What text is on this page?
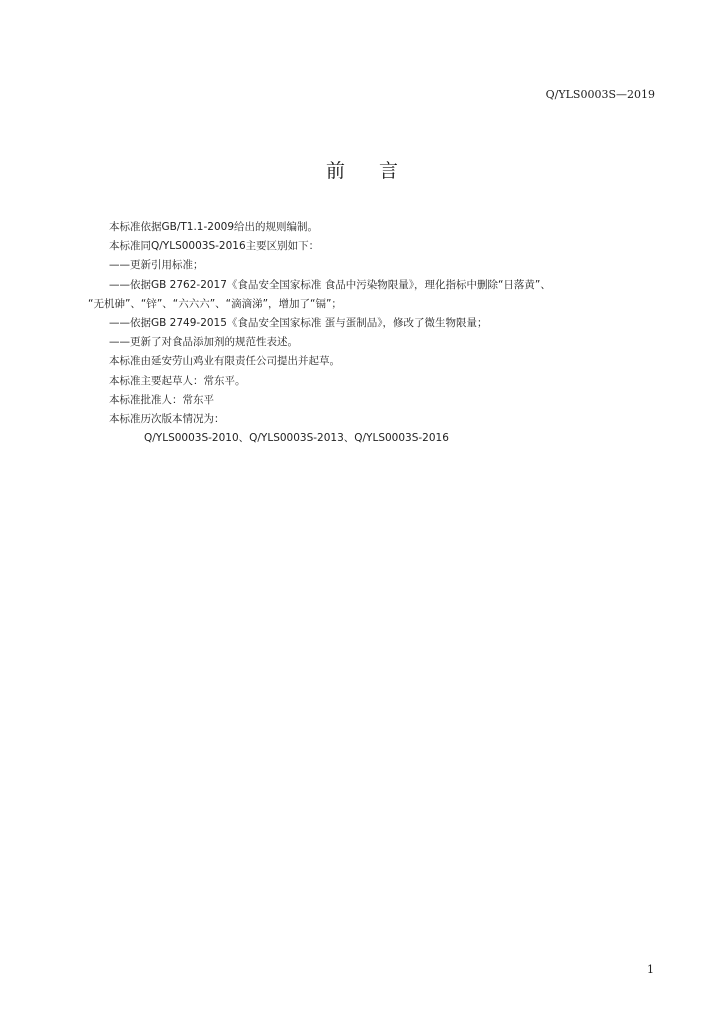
Q/YLS0003S—2019
前言

本标准依据GB/T1.1-2009给出的规则编制。

本标准同Q/YLS0003S-2016主要区别如下：

——更新引用标准；

——依据GB 2762-2017《食品安全国家标准 食品中污染物限量》，理化指标中删除“日落黄”、

“无机砷”、“锌”、“六六六”、“滴滴涕”，增加了“镉”；

——依据GB 2749-2015《食品安全国家标准 蛋与蛋制品》，修改了微生物限量；

——更新了对食品添加剂的规范性表述。

本标准由延安劳山鸡业有限责任公司提出并起草。

本标准主要起草人：常东平。

本标准批准人：常东平

本标准历次版本情况为：

Q/YLS0003S-2010、Q/YLS0003S-2013、Q/YLS0003S-2016

1
